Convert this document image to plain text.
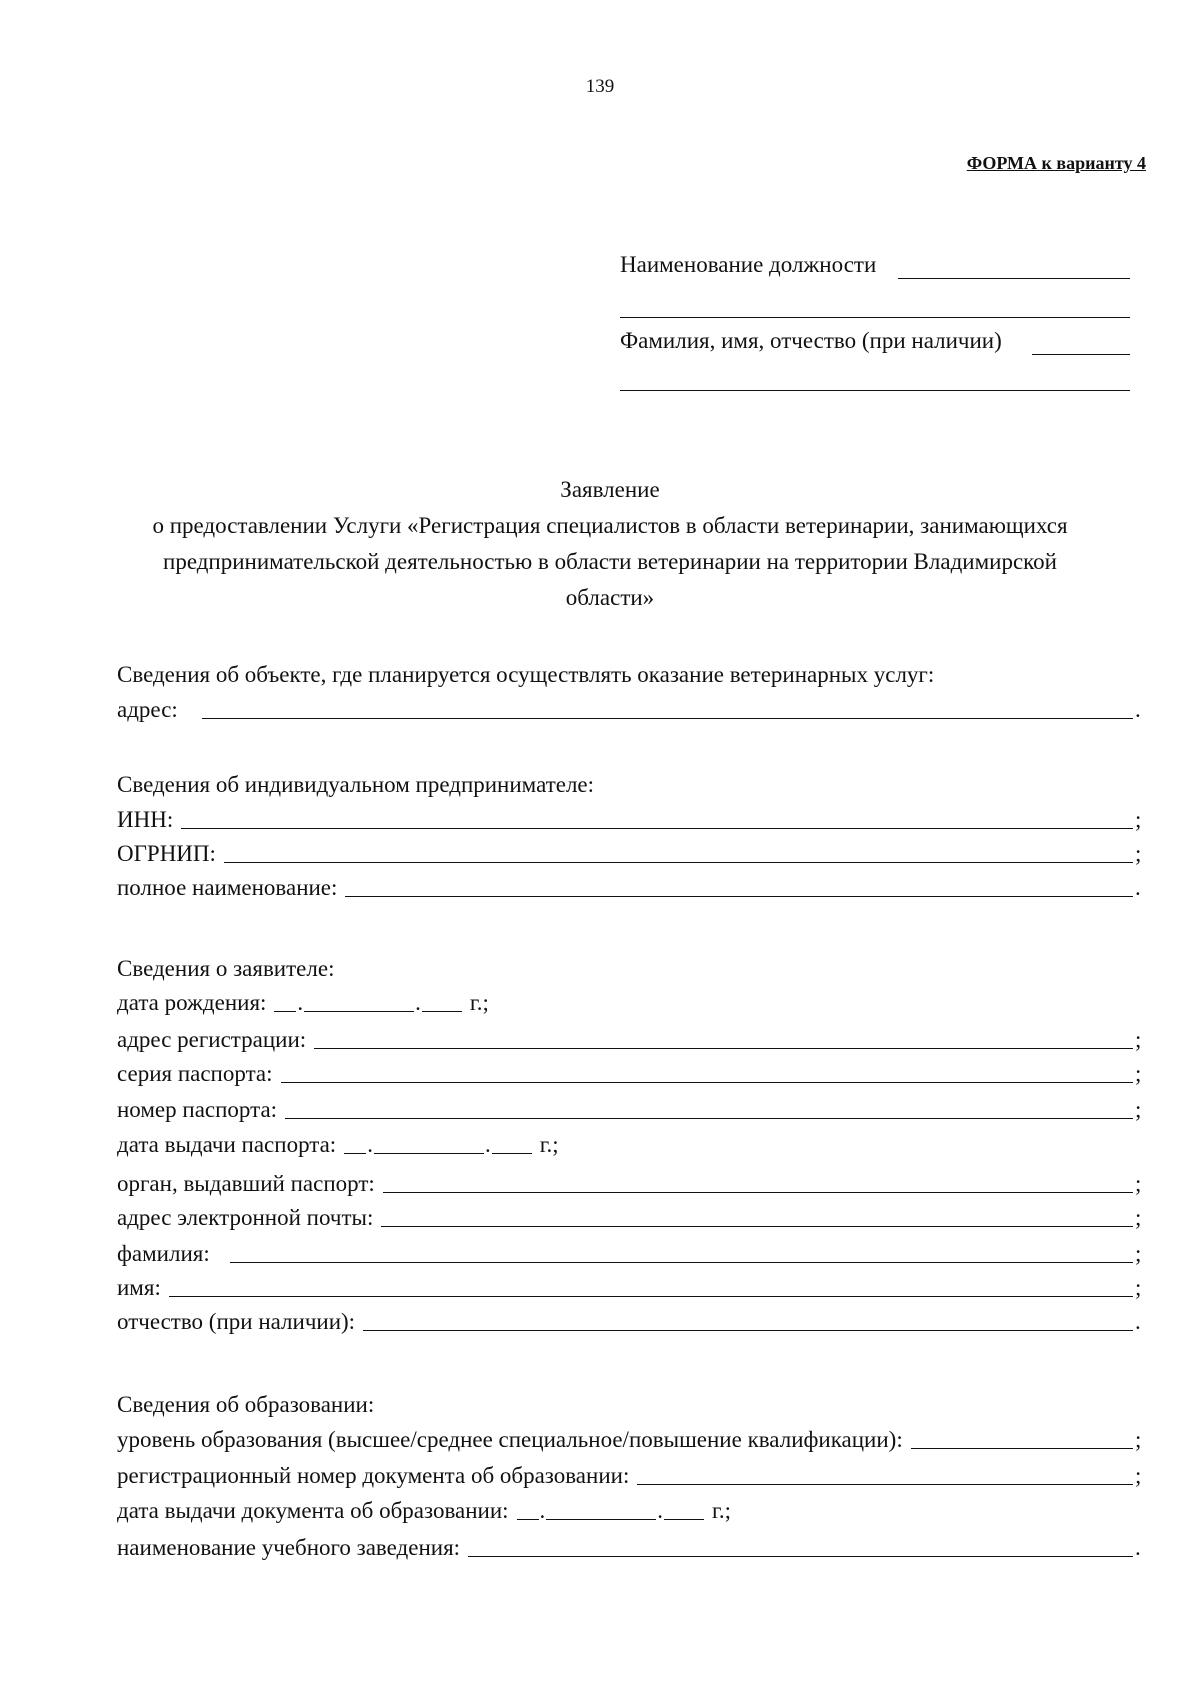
139
ФОРМА к варианту 4
Наименование должности
Фамилия, имя, отчество (при наличии)
Заявление
о предоставлении Услуги «Регистрация специалистов в области ветеринарии, занимающихся
предпринимательской деятельностью в области ветеринарии на территории Владимирской
области»
Сведения об объекте, где планируется осуществлять оказание ветеринарных услуг:
адрес:	.
Сведения об индивидуальном предпринимателе:
ИНН:	;
ОГРНИП:	;
полное наименование:	.
Сведения о заявителе:
дата рождения:	.	.	г.;
адрес регистрации:	;
серия паспорта:	;
номер паспорта:	;
дата выдачи паспорта:	.	.	г.;
орган, выдавший паспорт:	;
адрес электронной почты:	;
фамилия:	;
имя:	;
отчество (при наличии):	.
Сведения об образовании:
уровень образования (высшее/среднее специальное/повышение квалификации):	;
регистрационный номер документа об образовании:	;
дата выдачи документа об образовании:	.	.	г.;
наименование учебного заведения:	.
